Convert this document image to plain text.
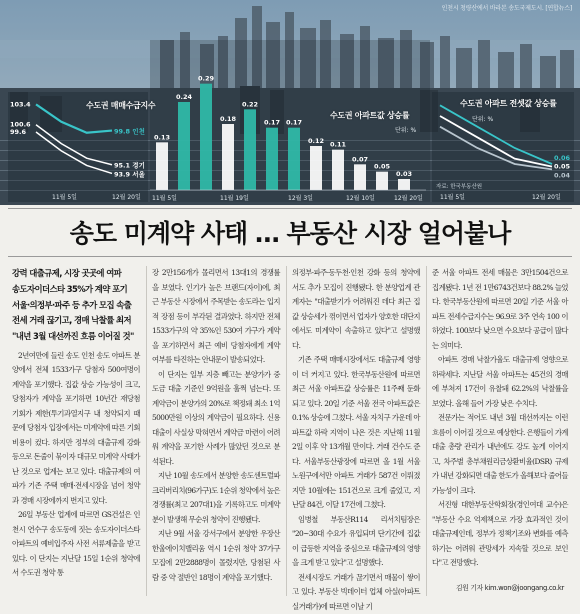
인천시 청량산에서 바라본 송도국제도시. [연합뉴스]
수도권 매매수급지수
103.4
99.8 인천
100.6
95.1 경기
99.6
93.9 서울
11월 5일	12월 20일
수도권 아파트값 상승률
단위: %
0.13
0.24
0.29
0.18
0.22
0.17 0.17
0.12 0.11
0.07
0.05
0.03
11월 5일	11월 19일	12월 3일	12월 10일	12월 20일
수도권 아파트 전셋값 상승률
단위: %
0.06
0.05
0.04
자료: 한국부동산원
11월 5일	12월 20일
송도 미계약 사태 … 부동산 시장 얼어붙나
강력 대출규제, 시장 곳곳에 여파
송도자이더스타 35%가 계약 포기
서울·의정부·파주 등 추가 모집 속출
전세 거래 끊기고, 경매 낙찰률 최저
"내년 3월 대선까진 흐름 이어질 것"

2년여만에 들린 송도 인천 송도 아파트 분양에서 전체 1533가구 당첨자 500여명이 계약을 포기했다. 집값 상승 가능성이 크고, 당첨자가 계약을 포기하면 10년간 재당첨 기회가 제한(투기과열지구 내 청약되지 때문에 당첨자 입장에서는 미계약에 따른 기회비용이 컸다. 하지만 정부의 대출규제 강화 등으로 돈줄이 묶이자 대규모 미계약 사태가 난 것으로 업계는 보고 있다. 대출규제의 여파가 기존 주택 매매·전세시장을 넘어 청약과 경매 시장에까지 번지고 있다.

26일 부동산 업계에 따르면 GS건설은 인천시 연수구 송도동에 짓는 송도자이더스타 아파트의 예비입주자 사전 서류제출을 받고 있다. 이 단지는 지난달 15일 1순위 청약에서 수도권 청약 통

장 2만156개가 몰리면서 13대1의 경쟁률을 보였다. 인기가 높은 브랜드(자이)에, 최근 부동산 시장에서 주목받는 송도라는 입지적 장점 등이 부각된 결과였다. 하지만 전체 1533가구의 약 35%인 530여 가구가 계약을 포기하면서 최근 예비 당첨자에게 계약 여부를 타진하는 안내문이 발송되었다.

이 단지는 일부 지층 빼고는 분양가가 중도금 대출 기준인 9억원을 훌쩍 넘는다. 또 계약금이 분양가의 20%로 책정돼 최소 1억5000만원 이상의 계약금이 필요하다. 신용대출이 사실상 막혀면서 계약금 마련이 어려워 계약을 포기한 사례가 많았던 것으로 분석된다.

지난 10월 송도에서 분양한 송도센트럴파크리버리치(96가구)도 1순위 청약에서 높은 경쟁률(최고 207대1)을 기록하고도 미계약분이 발생해 무순위 청약이 진행됐다.

지난 9월 서울 강서구에서 분양한 우장산 한울에이치밸리움 역시 1순위 청약 37가구 모집에 2만2888명이 몰렸지만, 당첨된 사람 중 약 절반인 18명이 계약을 포기했다.

의정부·파주·동두천·인천 강화 등의 청약에서도 추가 모집이 진행됐다. 한 분양업계 관계자는 "대출받기가 어려워진 데다 최근 집값 상승세가 꺾이면서 업자가 양호한 대단지에서도 미계약이 속출하고 있다"고 설명했다.

기존 주택 매매시장에서도 대출규제 영향이 더 커지고 있다. 한국부동산원에 따르면 최근 서울 아파트값 상승률은 11주째 둔화되고 있다. 20일 기준 서울 전국 아파트값은 0.1% 상승에 그쳤다. 서울 자치구 가운데 아파트값 하락 지역이 나온 것은 지난해 11월 2일 이후 약 13개월 만이다. 거래 건수도 준다. 서울부동산광장에 따르면 올 1월 서울 노원구에서만 아파트 거래가 587건 이뤄졌지만 10월에는 151건으로 크게 줄었고, 지난달 84건, 이달 17건에 그쳤다.

임병철 부동산R114 리서치팀장은 "20~30대 수요가 유입되며 단기간에 집값이 급등한 지역을 중심으로 대출규제의 영향을 크게 받고 있다"고 설명했다.

전세시장도 거래가 끊기면서 매물이 쌓이고 있다. 부동산 빅데이터 업체 아실(아파트실거래가)에 따르면 이날 기

준 서울 아파트 전세 매물은 3만1504건으로 집계됐다. 1년 전 1만6743건보다 88.2% 늘었다. 한국부동산원에 따르면 20일 기준 서울 아파트 전세수급지수는 96.9로 3주 연속 100 이하였다. 100보다 낮으면 수요보다 공급이 많다는 의미다.

아파트 경매 낙찰가율도 대출규제 영향으로 하락세다. 지난달 서울 아파트는 45건의 경매에 부쳐져 17건이 유찰돼 62.2%의 낙찰률을 보였다. 올해 들어 가장 낮은 수치다.

전문가는 적어도 내년 3월 대선까지는 이런 흐름이 이어질 것으로 예상한다. 은행들이 가계대출 총량 관리가 내년에도 강도 높게 이어지고, 차주별 총부채원리금상환비율(DSR) 규제가 내년 강화되면 대출 한도가 올해보다 줄어들 가능성이 크다.

서진형 대한부동산학회장(경인여대 교수)은 "부동산 수요 억제책으로 가장 효과적인 것이 대출규제인데, 정부가 정책기조와 변화를 예측하기는 어려워 관망세가 지속할 것으로 보인다"고 전망했다.

김원 기자 kim.won@joongang.co.kr
